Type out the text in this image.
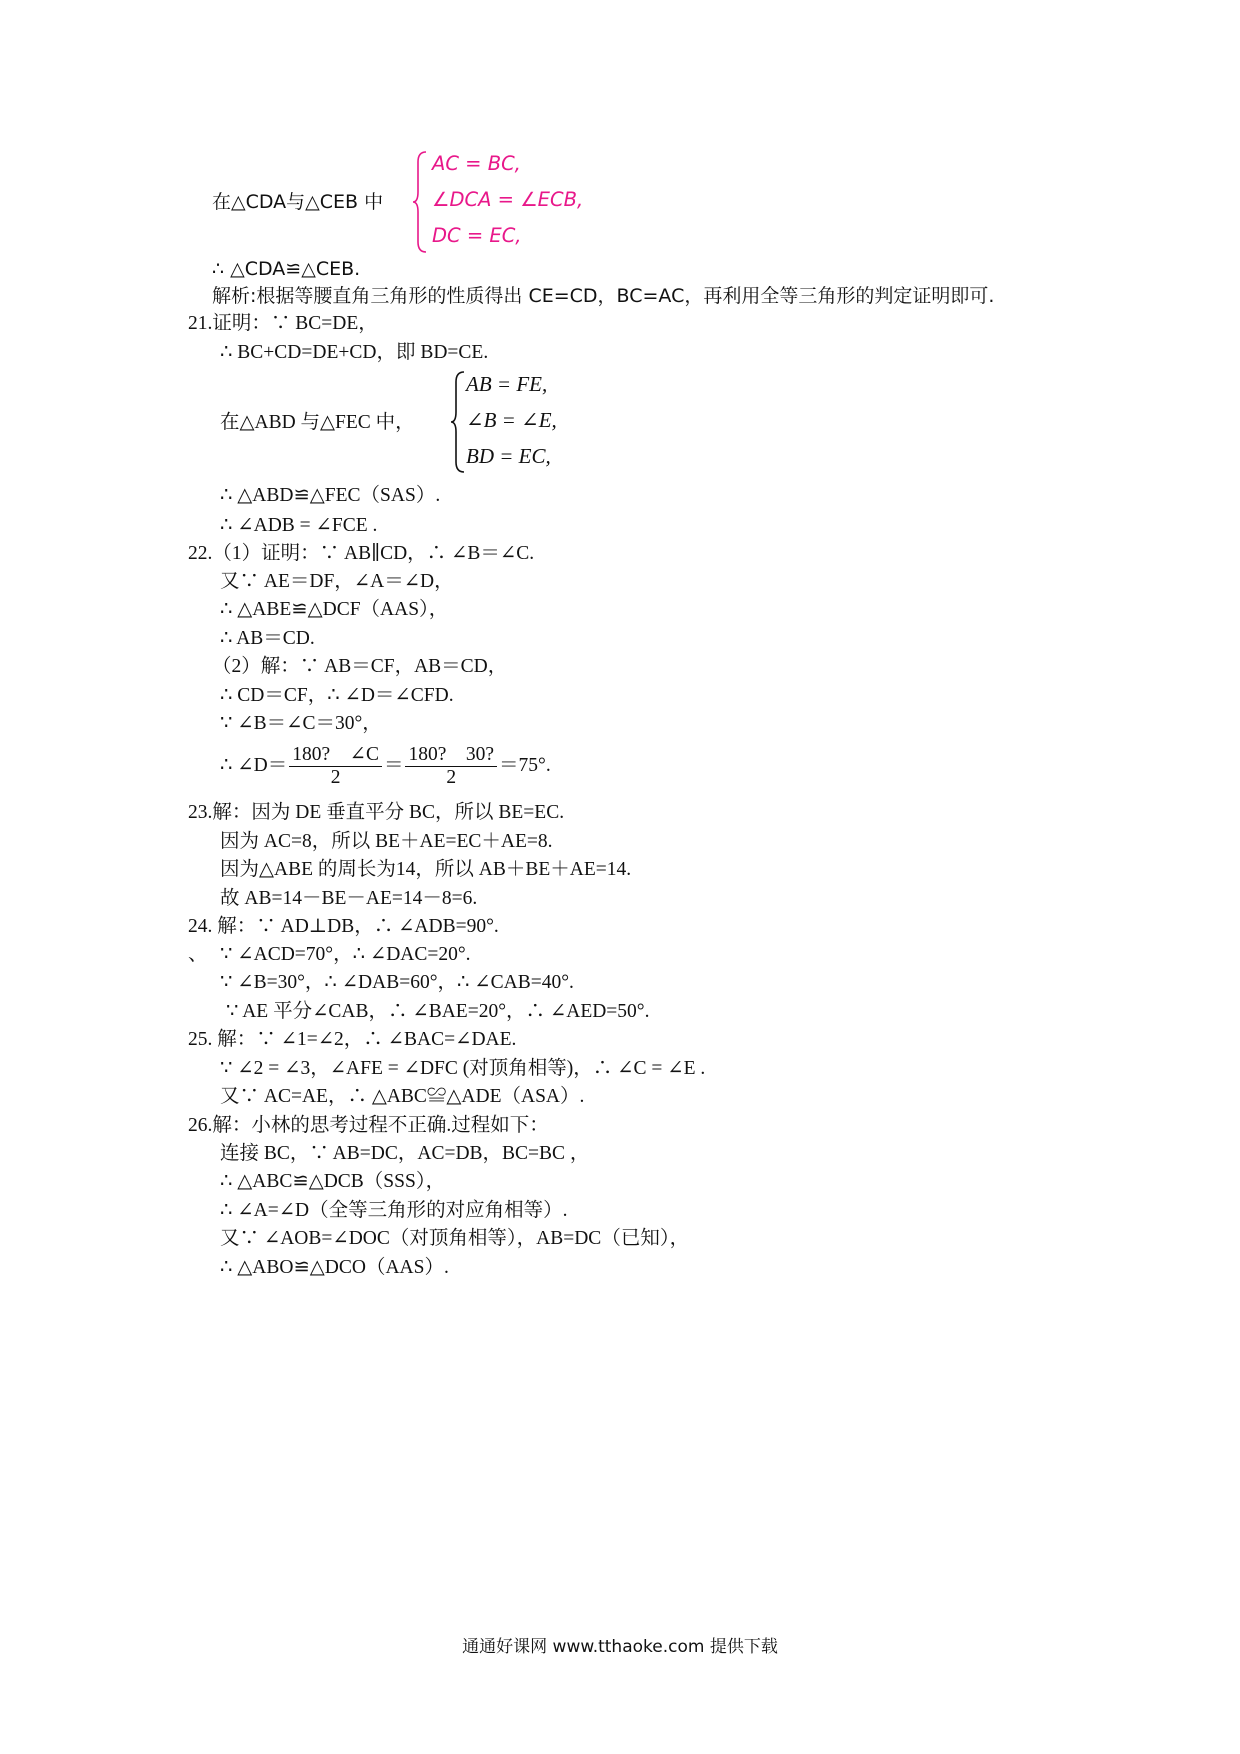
在△CDA与△CEB 中
AC = BC,
∠DCA = ∠ECB,
DC = EC,
∴ △CDA≌△CEB.
解析:根据等腰直角三角形的性质得出 CE=CD，BC=AC，再利用全等三角形的判定证明即可.
21.证明：∵ BC=DE，
∴ BC+CD=DE+CD，即 BD=CE.
在△ABD 与△FEC 中，
AB = FE,
∠B = ∠E,
BD = EC,
∴ △ABD≌△FEC（SAS）.
∴ ∠ADB = ∠FCE .
22.（1）证明：∵ AB∥CD，∴ ∠B＝∠C.
又∵ AE＝DF，∠A＝∠D，
∴ △ABE≌△DCF（AAS），
∴ AB＝CD.
（2）解：∵ AB＝CF，AB＝CD，
∴ CD＝CF，∴ ∠D＝∠CFD.
∵ ∠B＝∠C＝30°，
∴ ∠D＝ $\frac{180? \angle C}{2} = \frac{180? 30?}{2} =75^\circ$.
23.解：因为 DE 垂直平分 BC，所以 BE=EC.
因为 AC=8，所以 BE＋AE=EC＋AE=8.
因为△ABE 的周长为14，所以 AB＋BE＋AE=14.
故 AB=14－BE－AE=14－8=6.
24. 解：∵ AD⊥DB，∴ ∠ADB=90°.
、 ∵ ∠ACD=70°，∴ ∠DAC=20°.
∵ ∠B=30°，∴ ∠DAB=60°，∴ ∠CAB=40°.
∵ AE 平分∠CAB，∴ ∠BAE=20°，∴ ∠AED=50°.
25. 解：∵ ∠1=∠2，∴ ∠BAC=∠DAE.
∵ ∠2 = ∠3，∠AFE = ∠DFC (对顶角相等)，∴ ∠C = ∠E .
又∵ AC=AE，∴ △ABC≌△ADE（ASA）.
26.解：小林的思考过程不正确.过程如下：
连接 BC，∵ AB=DC，AC=DB，BC=BC ，
∴ △ABC≌△DCB（SSS），
∴ ∠A=∠D（全等三角形的对应角相等）.
又∵ ∠AOB=∠DOC（对顶角相等），AB=DC（已知），
∴ △ABO≌△DCO（AAS）.
通通好课网 www.tthaoke.com 提供下载
